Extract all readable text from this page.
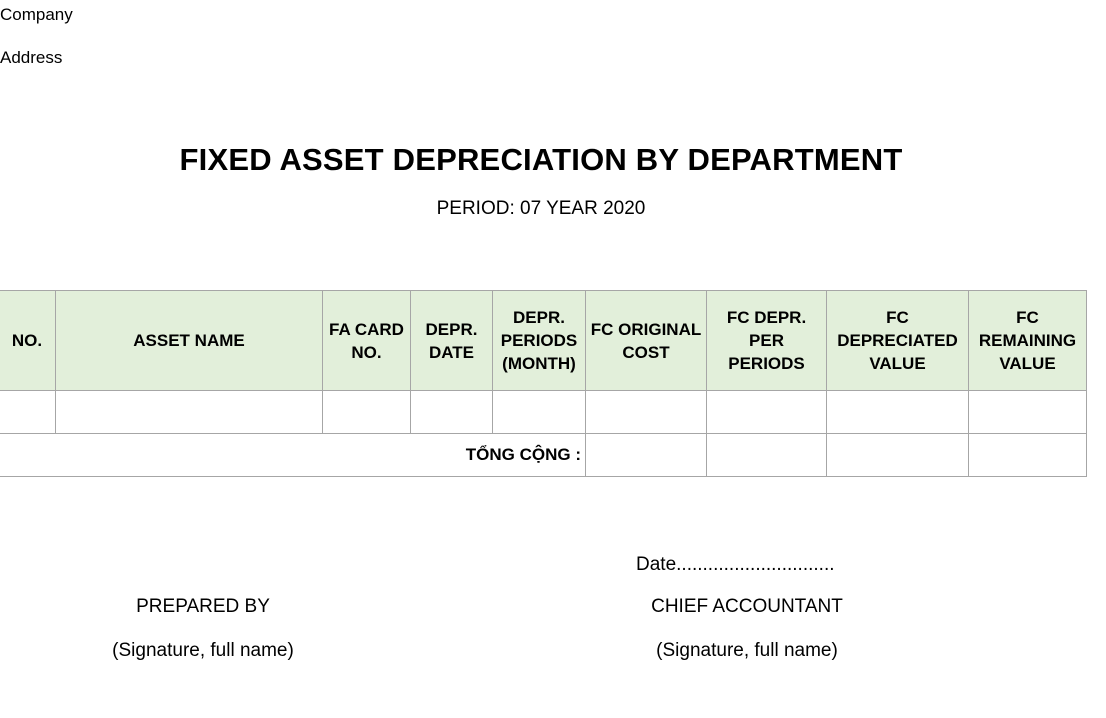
Company
Address
FIXED ASSET DEPRECIATION BY DEPARTMENT
PERIOD: 07 YEAR 2020
NO.	ASSET NAME	FA CARD NO.	DEPR. DATE	DEPR. PERIODS (MONTH)	FC ORIGINAL COST	FC DEPR. PER PERIODS	FC DEPRECIATED VALUE	FC REMAINING VALUE

TỔNG CỘNG :								
Date..............................
PREPARED BY
(Signature, full name)
CHIEF ACCOUNTANT
(Signature, full name)
